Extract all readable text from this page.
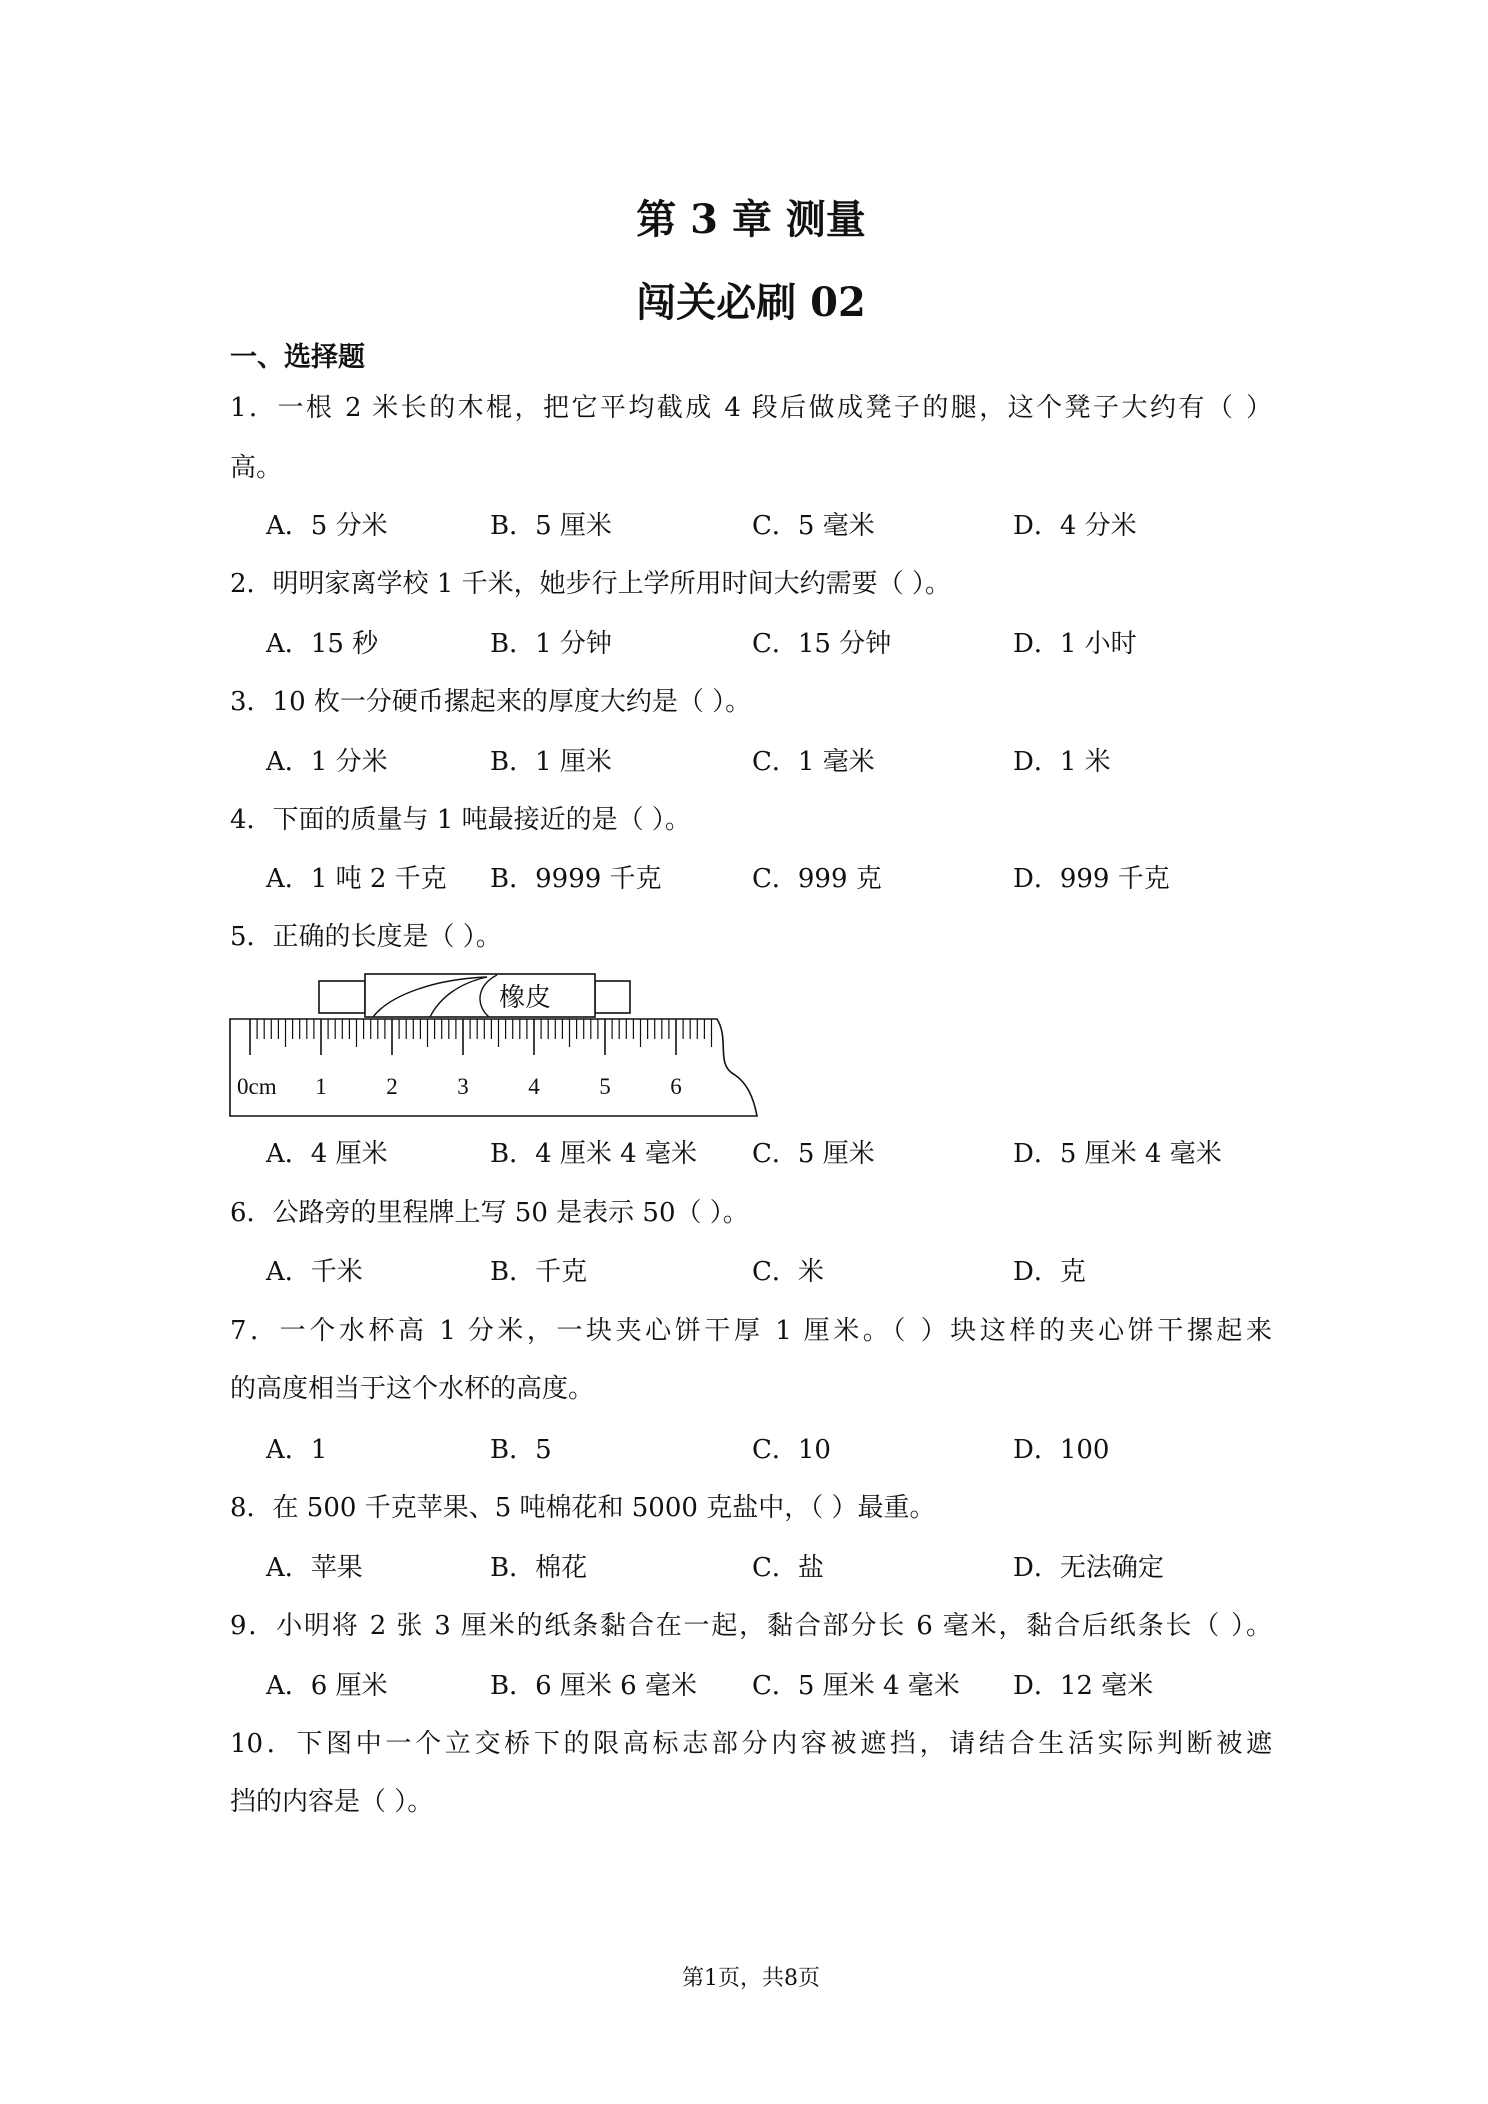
第 3 章 测量
闯关必刷 02
一、选择题
1．一根 2 米长的木棍，把它平均截成 4 段后做成凳子的腿，这个凳子大约有（ ）
高。
A．5 分米	B．5 厘米	C．5 毫米	D．4 分米
2．明明家离学校 1 千米，她步行上学所用时间大约需要（ ）。
A．15 秒	B．1 分钟	C．15 分钟	D．1 小时
3．10 枚一分硬币摞起来的厚度大约是（ ）。
A．1 分米	B．1 厘米	C．1 毫米	D．1 米
4．下面的质量与 1 吨最接近的是（ ）。
A．1 吨 2 千克 B．9999 千克	C．999 克	D．999 千克
5．正确的长度是（ ）。
橡皮
0cm 1	2	3	4	5	6
A．4 厘米	B．4 厘米 4 毫米 C．5 厘米	D．5 厘米 4 毫米
6．公路旁的里程牌上写 50 是表示 50（ ）。
A．千米	B．千克	C．米	D．克
7．一个水杯高 1 分米，一块夹心饼干厚 1 厘米。（ ）块这样的夹心饼干摞起来
的高度相当于这个水杯的高度。
A．1	B．5	C．10	D．100
8．在 500 千克苹果、5 吨棉花和 5000 克盐中，（ ）最重。
A．苹果	B．棉花	C．盐	D．无法确定
9．小明将 2 张 3 厘米的纸条黏合在一起，黏合部分长 6 毫米，黏合后纸条长（ ）。
A．6 厘米	B．6 厘米 6 毫米 C．5 厘米 4 毫米 D．12 毫米
10．下图中一个立交桥下的限高标志部分内容被遮挡，请结合生活实际判断被遮
挡的内容是（ ）。
第1页，共8页
